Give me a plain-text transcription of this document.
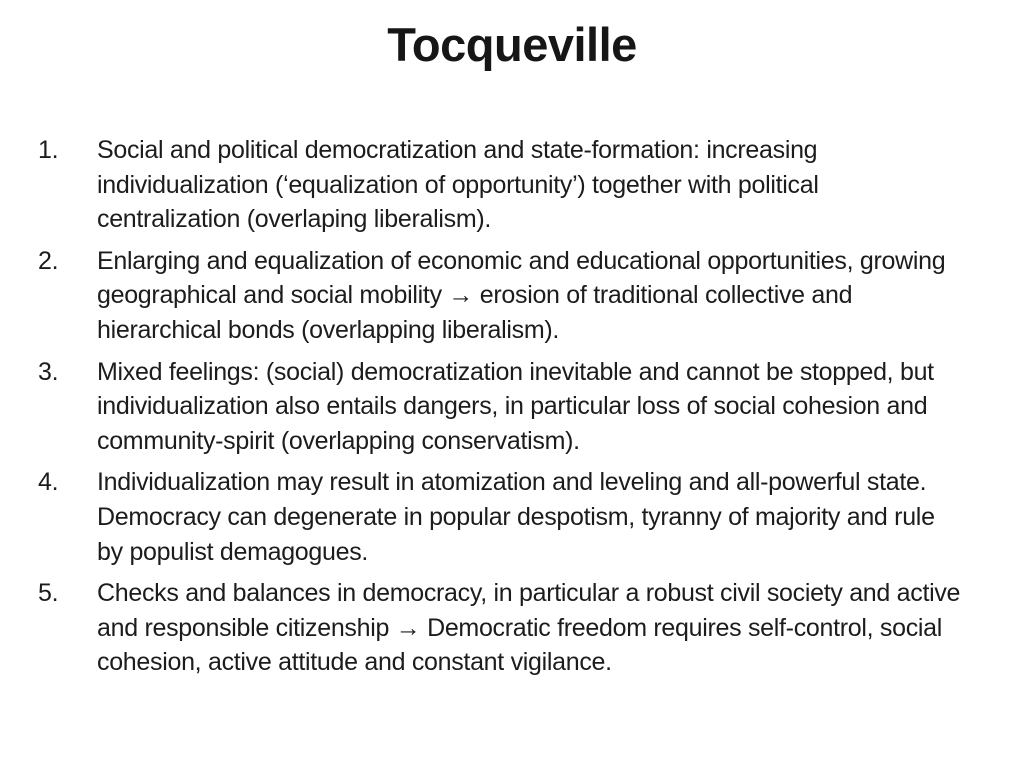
Tocqueville
1.	Social and political democratization and state-formation: increasing individualization (‘equalization of opportunity’) together with political centralization (overlaping liberalism).
2.	Enlarging and equalization of economic and educational opportunities, growing geographical and social mobility → erosion of traditional collective and hierarchical bonds (overlapping liberalism).
3.	Mixed feelings: (social) democratization inevitable and cannot be stopped, but individualization also entails dangers, in particular loss of social cohesion and community-spirit (overlapping conservatism).
4.	Individualization may result in atomization and leveling and all-powerful state. Democracy can degenerate in popular despotism, tyranny of majority and rule by populist demagogues.
5.	Checks and balances in democracy, in particular a robust civil society and active and responsible citizenship → Democratic freedom requires self-control, social cohesion, active attitude and constant vigilance.
